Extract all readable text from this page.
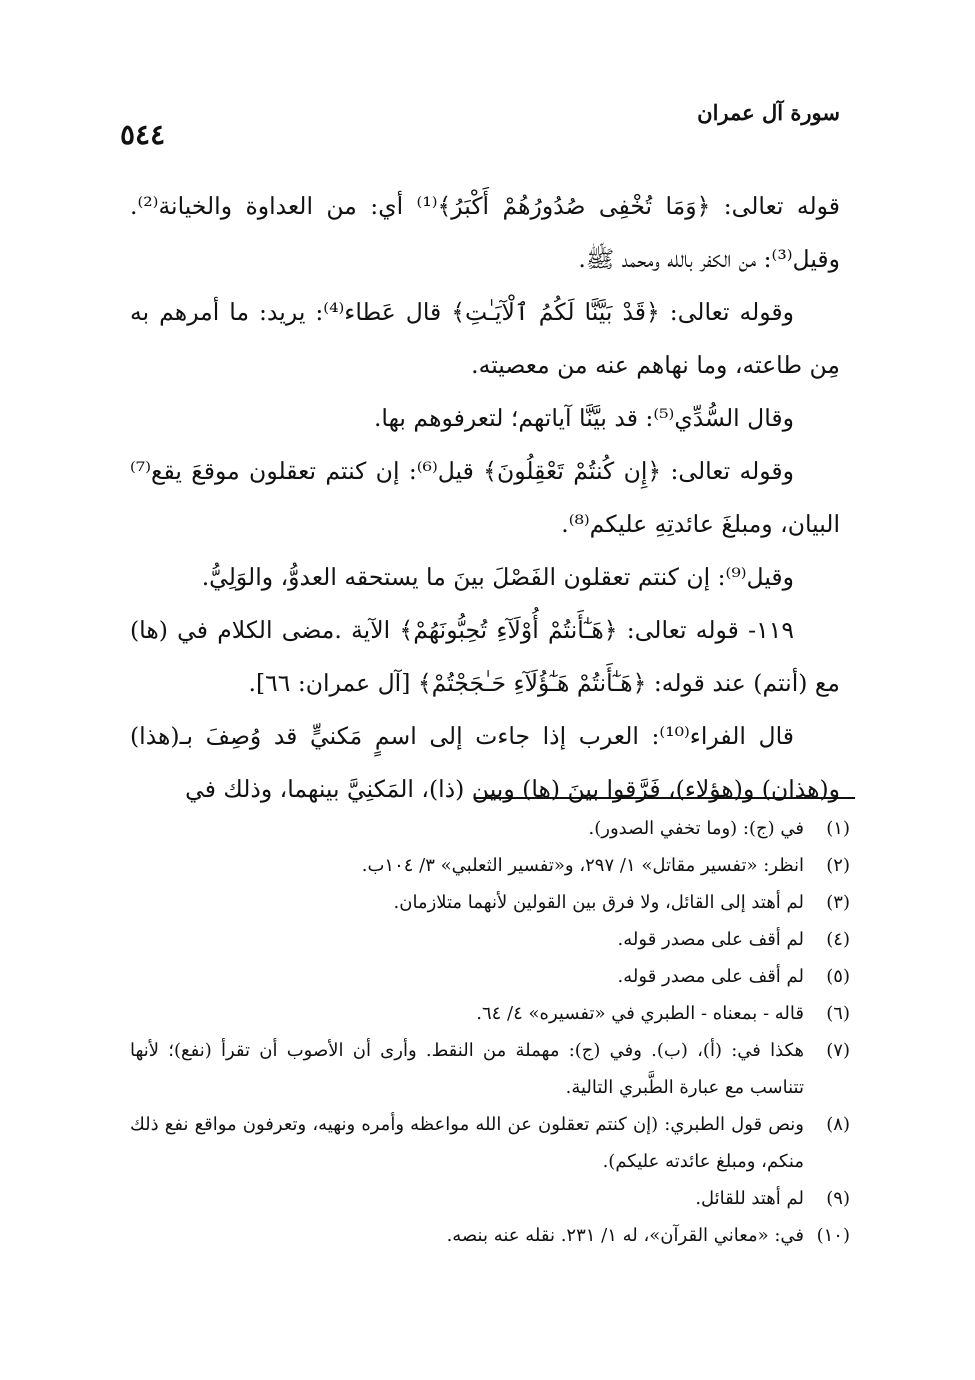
٥٤٤
سورة آل عمران

قوله تعالى: ﴿وَمَا تُخْفِى صُدُورُهُمْ أَكْبَرُ﴾⁽¹⁾ أي: من العداوة والخيانة⁽²⁾. وقيل⁽³⁾: من الكفر بالله ومحمد ﷺ.

وقوله تعالى: ﴿قَدْ بَيَّنَّا لَكُمُ ٱلْآيَـٰتِ﴾ قال عَطاء⁽⁴⁾: يريد: ما أمرهم به مِن طاعته، وما نهاهم عنه من معصيته.

وقال السُّدِّي⁽⁵⁾: قد بيَّنَّا آياتهم؛ لتعرفوهم بها.

وقوله تعالى: ﴿إِن كُنتُمْ تَعْقِلُونَ﴾ قيل⁽⁶⁾: إن كنتم تعقلون موقعَ يقع⁽⁷⁾ البيان، ومبلغَ عائدتِهِ عليكم⁽⁸⁾.

وقيل⁽⁹⁾: إن كنتم تعقلون الفَصْلَ بينَ ما يستحقه العدوُّ، والوَلِيُّ.

١١٩- قوله تعالى: ﴿هَـٰٓأَنتُمْ أُوْلَآءِ تُحِبُّونَهُمْ﴾ الآية .مضى الكلام في (ها) مع (أنتم) عند قوله: ﴿هَـٰٓأَنتُمْ هَـٰٓؤُلَآءِ حَـٰجَجْتُمْ﴾ [آل عمران: ٦٦].

قال الفراء⁽¹⁰⁾: العرب إذا جاءت إلى اسمٍ مَكنيٍّ قد وُصِفَ بـ(هذا) و(هذان) و(هؤلاء)، فَرَّقوا بينَ (ها) وبين (ذا)، المَكنِيَّ بينهما، وذلك في

(١)
في (ج): (وما تخفي الصدور).
(٢)
انظر: «تفسير مقاتل» ١/ ٢٩٧، و«تفسير الثعلبي» ٣/ ١٠٤ب.
(٣)
لم أهتد إلى القائل، ولا فرق بين القولين لأنهما متلازمان.
(٤)
لم أقف على مصدر قوله.
(٥)
لم أقف على مصدر قوله.
(٦)
قاله - بمعناه - الطبري في «تفسيره» ٤/ ٦٤.
(٧)
هكذا في: (أ)، (ب). وفي (ج): مهملة من النقط. وأرى أن الأصوب أن تقرأ (نفع)؛ لأنها تتناسب مع عبارة الطَّبري التالية.
(٨)
ونص قول الطبري: (إن كنتم تعقلون عن الله مواعظه وأمره ونهيه، وتعرفون مواقع نفع ذلك منكم، ومبلغ عائدته عليكم).
(٩)
لم أهتد للقائل.
(١٠)
في: «معاني القرآن»، له ١/ ٢٣١. نقله عنه بنصه.
